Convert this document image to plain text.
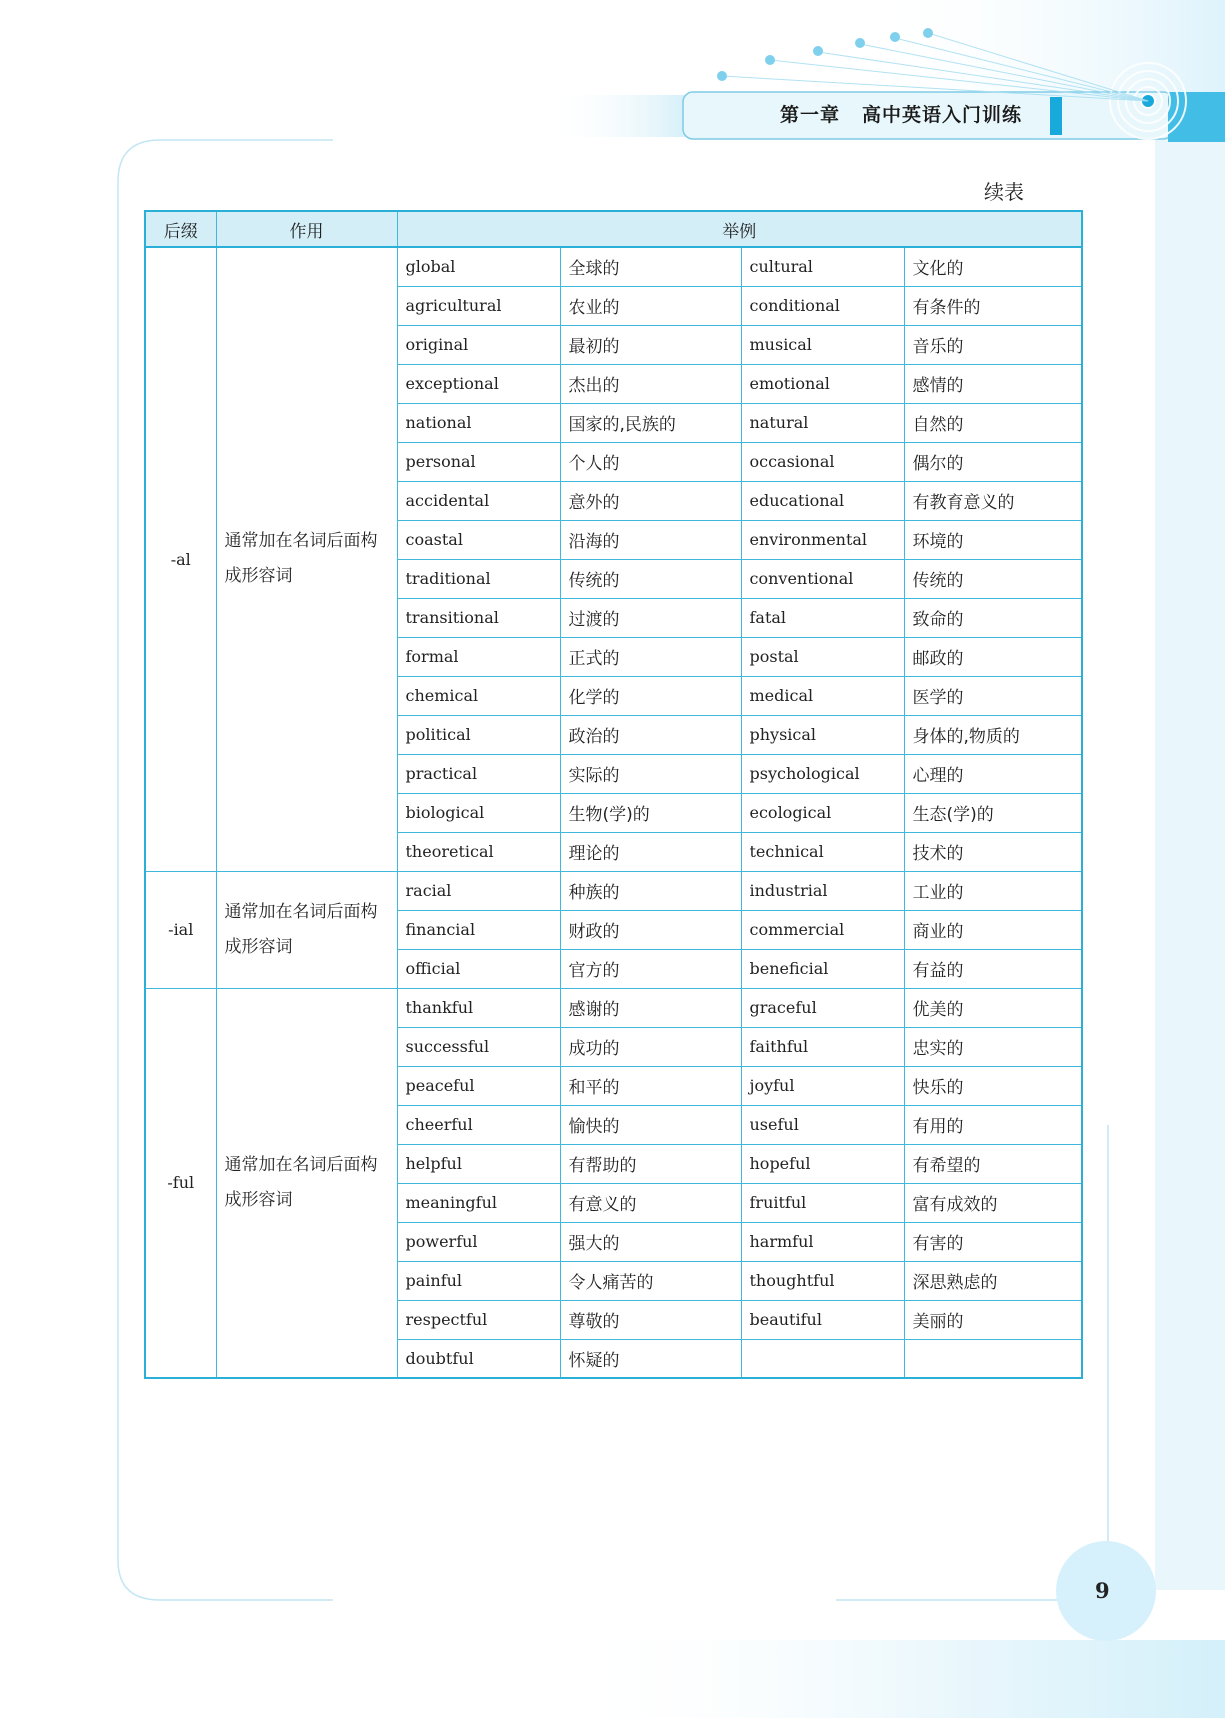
第一章 高中英语入门训练
续表
后缀	作用	举例			
-al	通常加在名词后面构成形容词	global	全球的	cultural	文化的
		agricultural	农业的	conditional	有条件的
		original	最初的	musical	音乐的
		exceptional	杰出的	emotional	感情的
		national	国家的,民族的	natural	自然的
		personal	个人的	occasional	偶尔的
		accidental	意外的	educational	有教育意义的
		coastal	沿海的	environmental	环境的
		traditional	传统的	conventional	传统的
		transitional	过渡的	fatal	致命的
		formal	正式的	postal	邮政的
		chemical	化学的	medical	医学的
		political	政治的	physical	身体的,物质的
		practical	实际的	psychological	心理的
		biological	生物(学)的	ecological	生态(学)的
		theoretical	理论的	technical	技术的
-ial	通常加在名词后面构成形容词	racial	种族的	industrial	工业的
		financial	财政的	commercial	商业的
		official	官方的	beneficial	有益的
-ful	通常加在名词后面构成形容词	thankful	感谢的	graceful	优美的
		successful	成功的	faithful	忠实的
		peaceful	和平的	joyful	快乐的
		cheerful	愉快的	useful	有用的
		helpful	有帮助的	hopeful	有希望的
		meaningful	有意义的	fruitful	富有成效的
		powerful	强大的	harmful	有害的
		painful	令人痛苦的	thoughtful	深思熟虑的
		respectful	尊敬的	beautiful	美丽的
		doubtful	怀疑的		
9
